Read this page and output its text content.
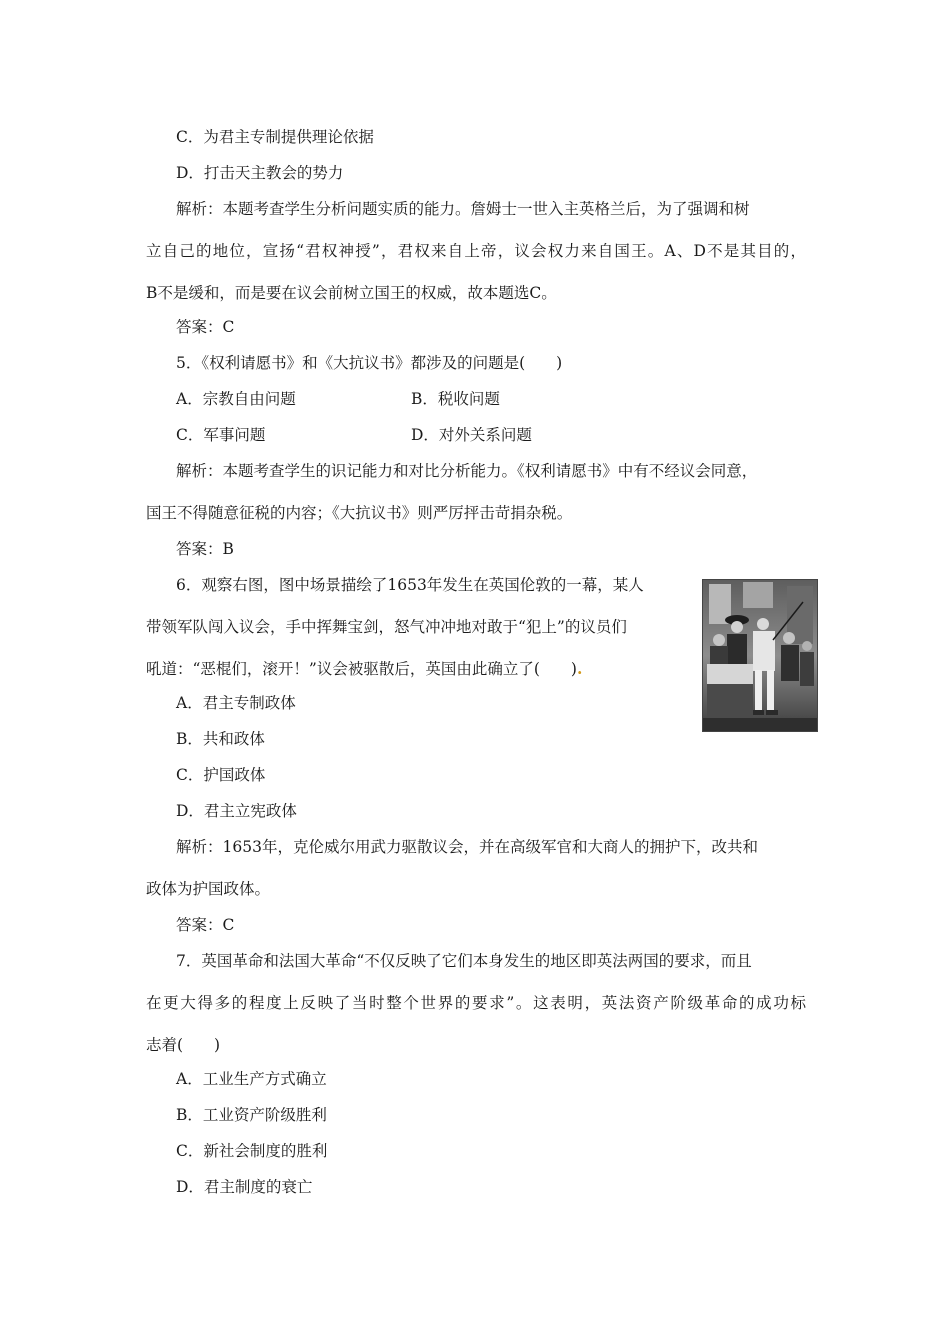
C．为君主专制提供理论依据
D．打击天主教会的势力
解析：本题考查学生分析问题实质的能力。詹姆士一世入主英格兰后，为了强调和树
立自己的地位，宣扬“君权神授”，君权来自上帝，议会权力来自国王。A、D不是其目的，
B不是缓和，而是要在议会前树立国王的权威，故本题选C。
答案：C
5．《权利请愿书》和《大抗议书》都涉及的问题是(　　)
A．宗教自由问题	B．税收问题
C．军事问题	D．对外关系问题
解析：本题考查学生的识记能力和对比分析能力。《权利请愿书》中有不经议会同意，
国王不得随意征税的内容；《大抗议书》则严厉抨击苛捐杂税。
答案：B
6．观察右图，图中场景描绘了1653年发生在英国伦敦的一幕，某人
带领军队闯入议会，手中挥舞宝剑，怒气冲冲地对敢于“犯上”的议员们
吼道：“恶棍们，滚开！”议会被驱散后，英国由此确立了(　　).
A．君主专制政体
B．共和政体
C．护国政体
D．君主立宪政体
解析：1653年，克伦威尔用武力驱散议会，并在高级军官和大商人的拥护下，改共和
政体为护国政体。
答案：C
7．英国革命和法国大革命“不仅反映了它们本身发生的地区即英法两国的要求，而且
在更大得多的程度上反映了当时整个世界的要求”。这表明，英法资产阶级革命的成功标
志着(　　)
A．工业生产方式确立
B．工业资产阶级胜利
C．新社会制度的胜利
D．君主制度的衰亡
